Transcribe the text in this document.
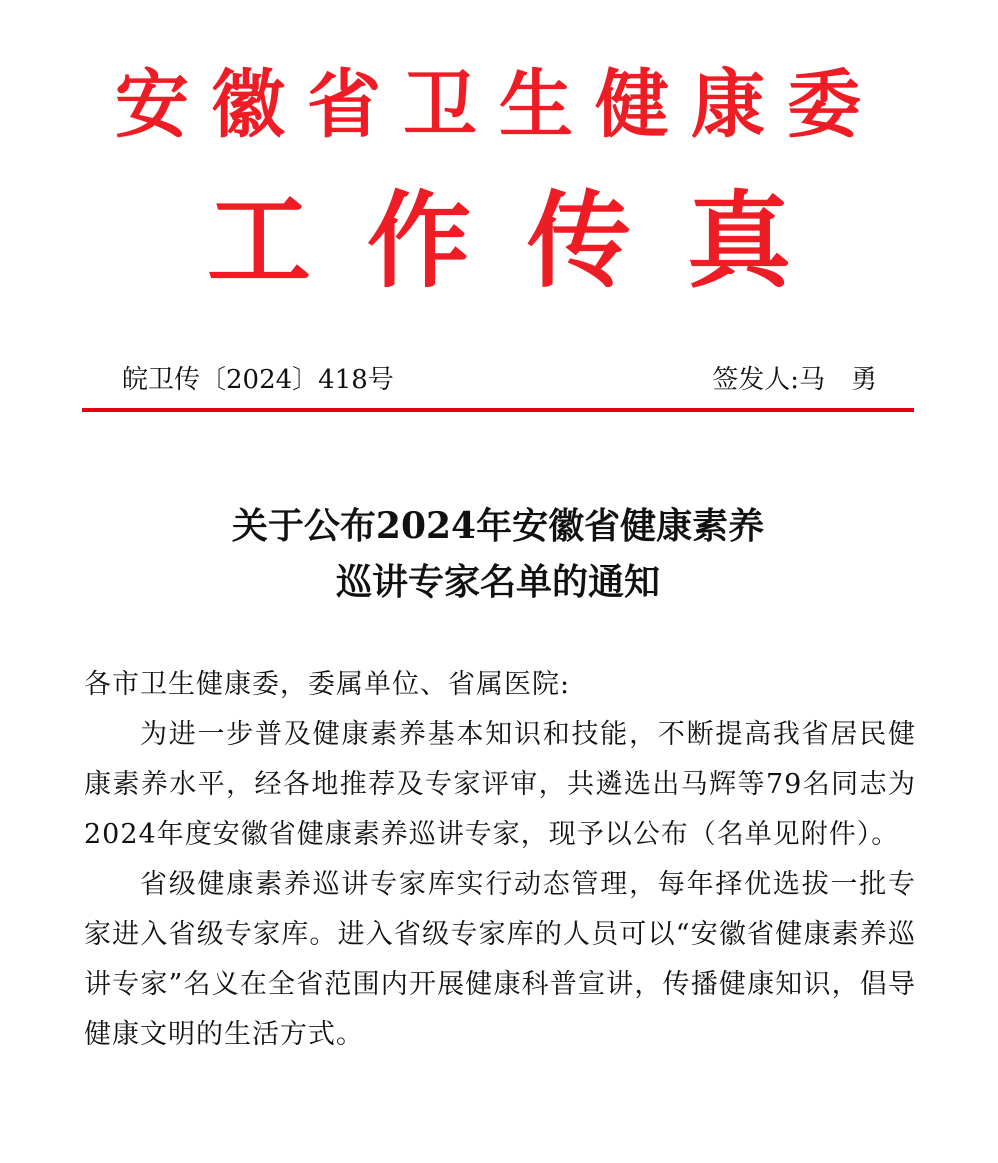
安徽省卫生健康委
工作传真
皖卫传〔2024〕418号	签发人:马　勇
关于公布2024年安徽省健康素养
巡讲专家名单的通知

各市卫生健康委，委属单位、省属医院:

为进一步普及健康素养基本知识和技能，不断提高我省居民健康素养水平，经各地推荐及专家评审，共遴选出马辉等79名同志为2024年度安徽省健康素养巡讲专家，现予以公布（名单见附件）。

省级健康素养巡讲专家库实行动态管理，每年择优选拔一批专家进入省级专家库。进入省级专家库的人员可以“安徽省健康素养巡讲专家”名义在全省范围内开展健康科普宣讲，传播健康知识，倡导健康文明的生活方式。
